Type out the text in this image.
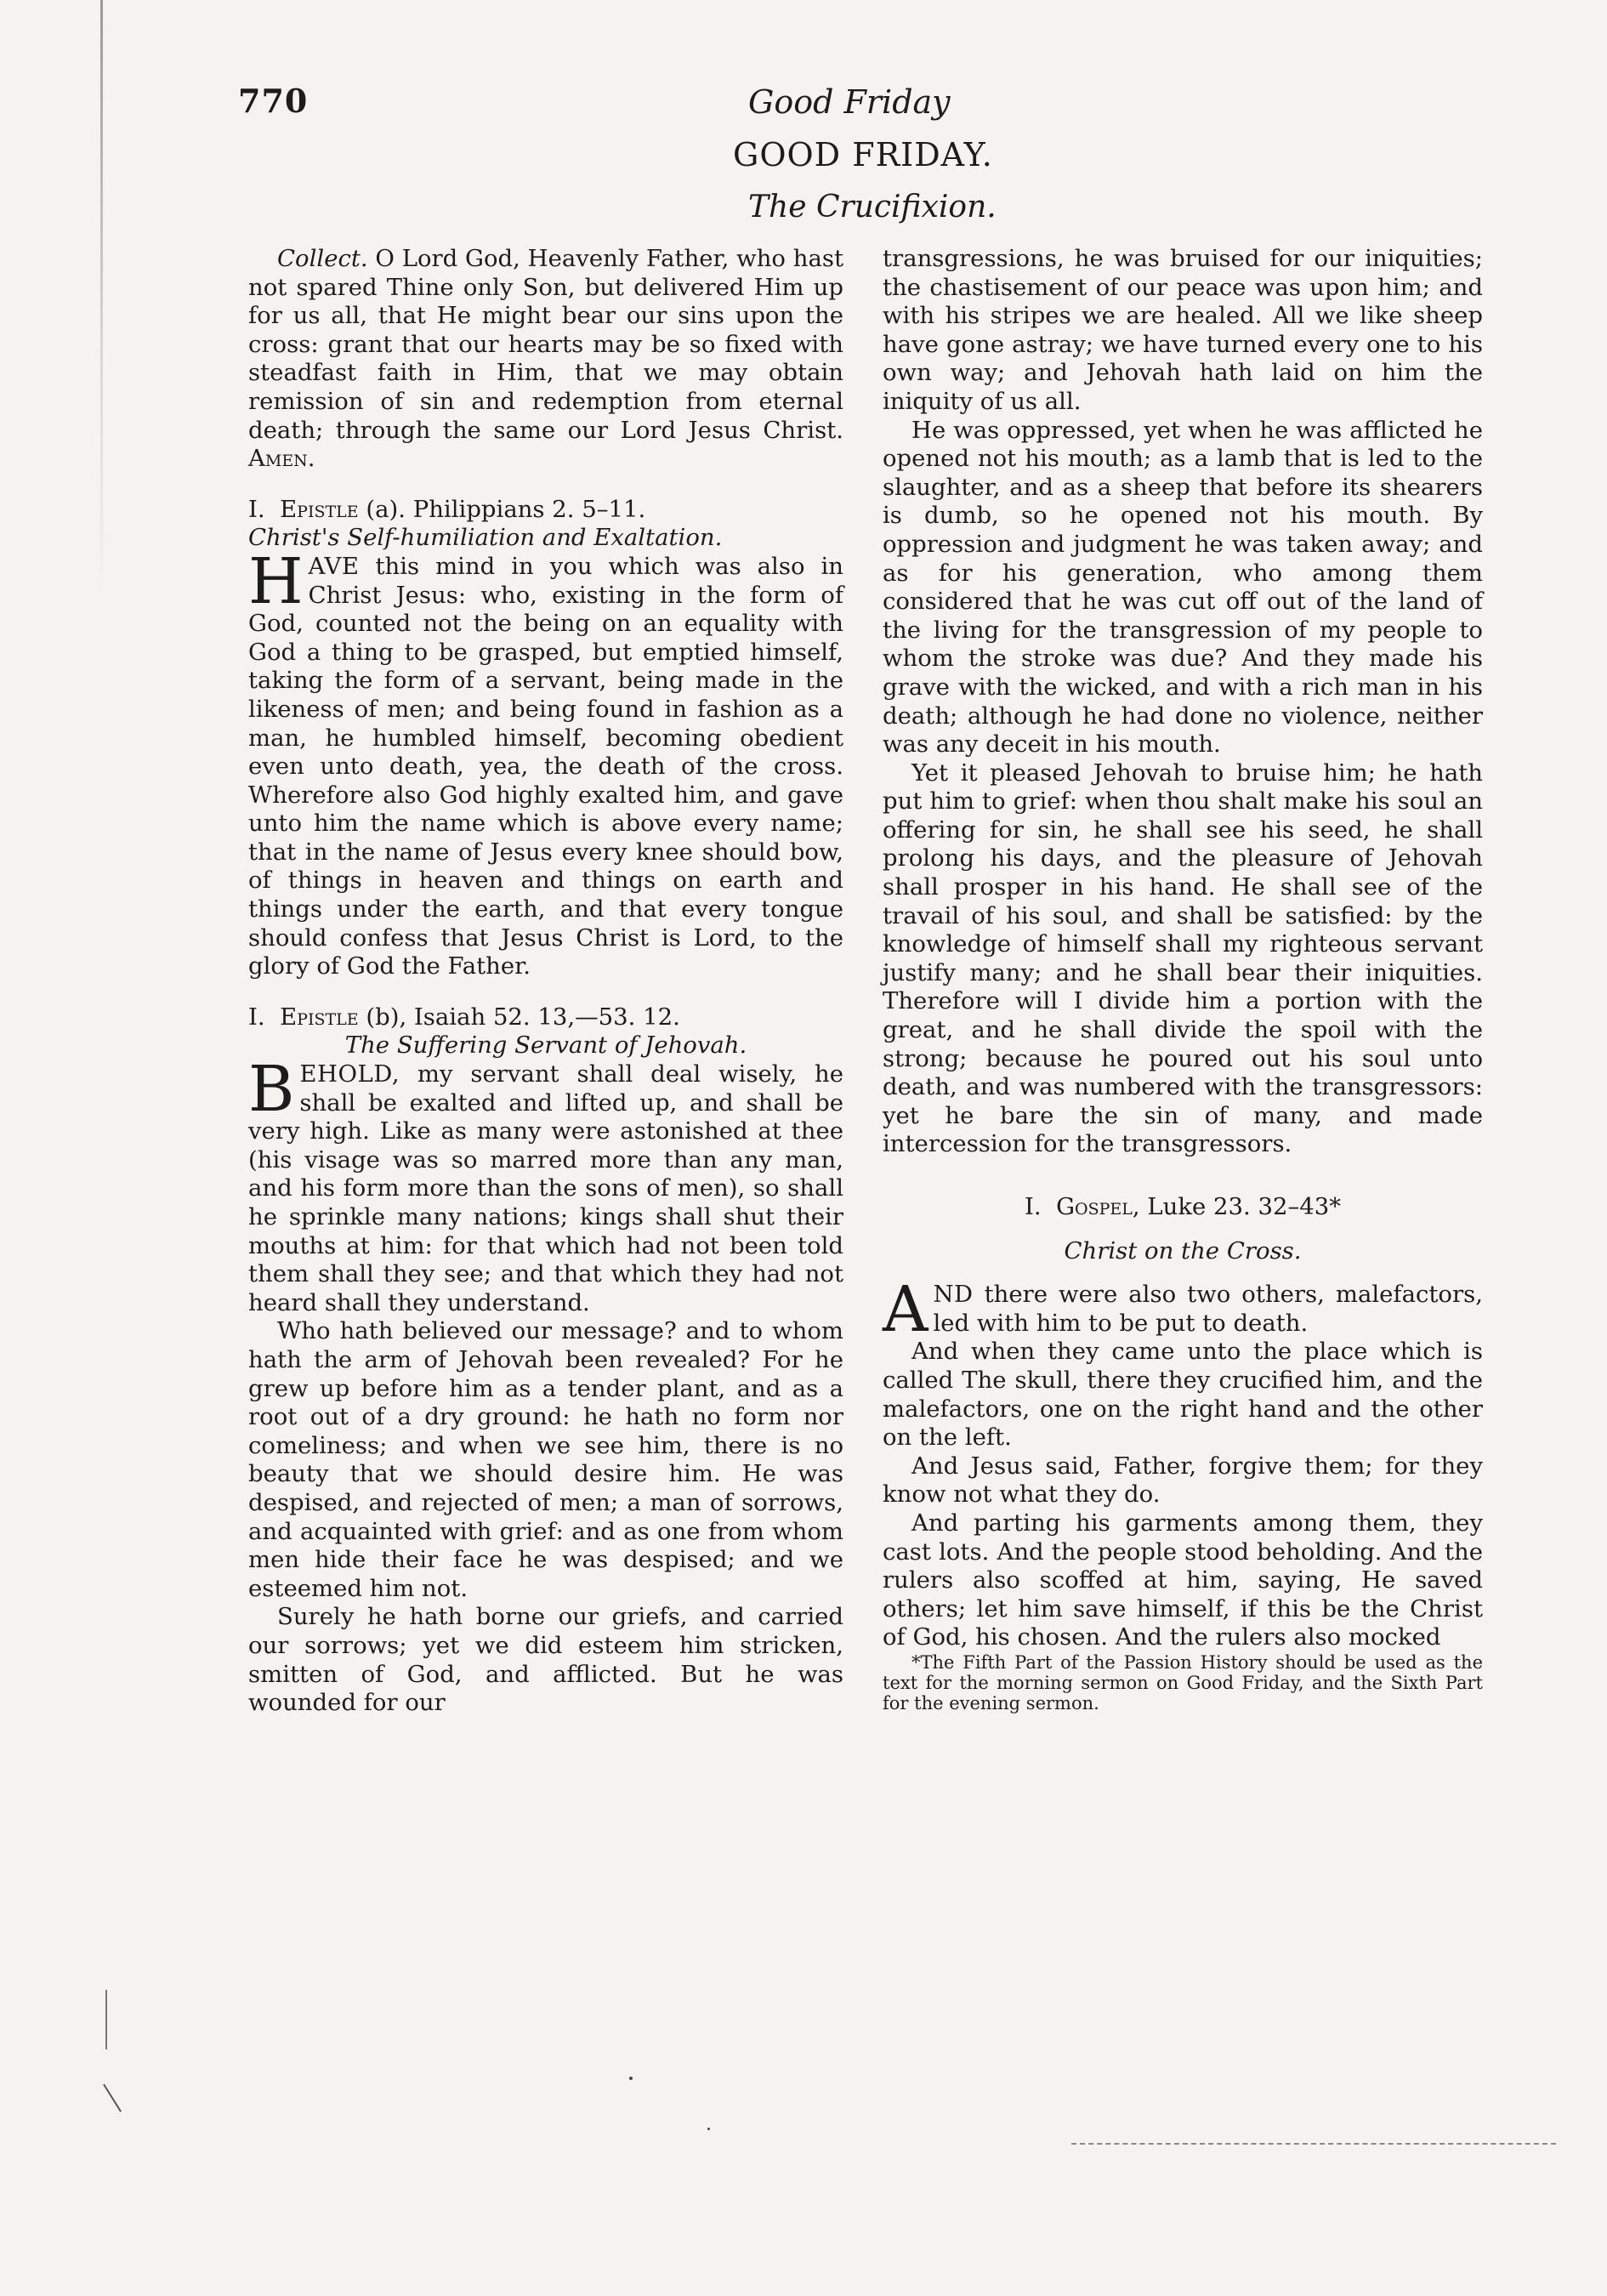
770	Good Friday
GOOD FRIDAY.
The Crucifixion.

Collect. O Lord God, Heavenly Father, who hast not spared Thine only Son, but delivered Him up for us all, that He might bear our sins upon the cross: grant that our hearts may be so fixed with steadfast faith in Him, that we may obtain remission of sin and redemption from eternal death; through the same our Lord Jesus Christ. Amen.

I. Epistle (a). Philippians 2. 5–11.

Christ's Self-humiliation and Exaltation.

HAVE this mind in you which was also in Christ Jesus: who, existing in the form of God, counted not the being on an equality with God a thing to be grasped, but emptied himself, taking the form of a servant, being made in the likeness of men; and being found in fashion as a man, he humbled himself, becoming obedient even unto death, yea, the death of the cross. Wherefore also God highly exalted him, and gave unto him the name which is above every name; that in the name of Jesus every knee should bow, of things in heaven and things on earth and things under the earth, and that every tongue should confess that Jesus Christ is Lord, to the glory of God the Father.

I. Epistle (b), Isaiah 52. 13,—53. 12.

The Suffering Servant of Jehovah.

BEHOLD, my servant shall deal wisely, he shall be exalted and lifted up, and shall be very high. Like as many were astonished at thee (his visage was so marred more than any man, and his form more than the sons of men), so shall he sprinkle many nations; kings shall shut their mouths at him: for that which had not been told them shall they see; and that which they had not heard shall they understand.

Who hath believed our message? and to whom hath the arm of Jehovah been revealed? For he grew up before him as a tender plant, and as a root out of a dry ground: he hath no form nor comeliness; and when we see him, there is no beauty that we should desire him. He was despised, and rejected of men; a man of sorrows, and acquainted with grief: and as one from whom men hide their face he was despised; and we esteemed him not.

Surely he hath borne our griefs, and carried our sorrows; yet we did esteem him stricken, smitten of God, and afflicted. But he was wounded for our

transgressions, he was bruised for our iniquities; the chastisement of our peace was upon him; and with his stripes we are healed. All we like sheep have gone astray; we have turned every one to his own way; and Jehovah hath laid on him the iniquity of us all.

He was oppressed, yet when he was afflicted he opened not his mouth; as a lamb that is led to the slaughter, and as a sheep that before its shearers is dumb, so he opened not his mouth. By oppression and judgment he was taken away; and as for his generation, who among them considered that he was cut off out of the land of the living for the transgression of my people to whom the stroke was due? And they made his grave with the wicked, and with a rich man in his death; although he had done no violence, neither was any deceit in his mouth.

Yet it pleased Jehovah to bruise him; he hath put him to grief: when thou shalt make his soul an offering for sin, he shall see his seed, he shall prolong his days, and the pleasure of Jehovah shall prosper in his hand. He shall see of the travail of his soul, and shall be satisfied: by the knowledge of himself shall my righteous servant justify many; and he shall bear their iniquities. Therefore will I divide him a portion with the great, and he shall divide the spoil with the strong; because he poured out his soul unto death, and was numbered with the transgressors: yet he bare the sin of many, and made intercession for the transgressors.

I. Gospel, Luke 23. 32–43*

Christ on the Cross.

AND there were also two others, malefactors, led with him to be put to death.

And when they came unto the place which is called The skull, there they crucified him, and the malefactors, one on the right hand and the other on the left.

And Jesus said, Father, forgive them; for they know not what they do.

And parting his garments among them, they cast lots. And the people stood beholding. And the rulers also scoffed at him, saying, He saved others; let him save himself, if this be the Christ of God, his chosen. And the rulers also mocked

*The Fifth Part of the Passion History should be used as the text for the morning sermon on Good Friday, and the Sixth Part for the evening sermon.
